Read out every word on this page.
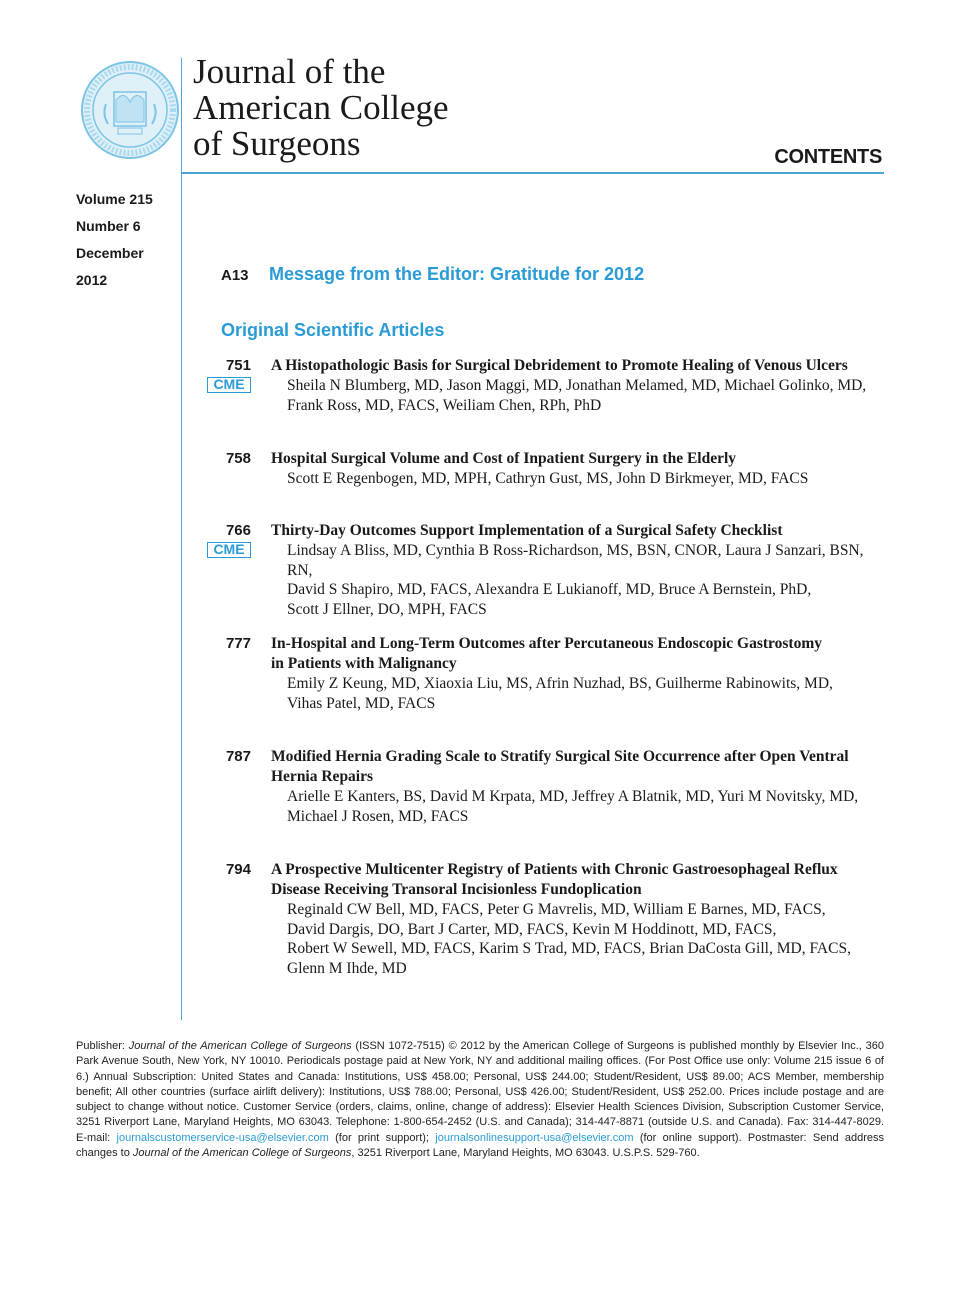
Journal of the
American College
of Surgeons	CONTENTS
Volume 215
Number 6
December
2012	A13 Message from the Editor: Gratitude for 2012
Original Scientific Articles
751
CME
A Histopathologic Basis for Surgical Debridement to Promote Healing of Venous Ulcers
Sheila N Blumberg, MD, Jason Maggi, MD, Jonathan Melamed, MD, Michael Golinko, MD,
Frank Ross, MD, FACS, Weiliam Chen, RPh, PhD
758 Hospital Surgical Volume and Cost of Inpatient Surgery in the Elderly
Scott E Regenbogen, MD, MPH, Cathryn Gust, MS, John D Birkmeyer, MD, FACS
766
CME
Thirty-Day Outcomes Support Implementation of a Surgical Safety Checklist
Lindsay A Bliss, MD, Cynthia B Ross-Richardson, MS, BSN, CNOR, Laura J Sanzari, BSN, RN,
David S Shapiro, MD, FACS, Alexandra E Lukianoff, MD, Bruce A Bernstein, PhD,
Scott J Ellner, DO, MPH, FACS
777 In-Hospital and Long-Term Outcomes after Percutaneous Endoscopic Gastrostomy
in Patients with Malignancy
Emily Z Keung, MD, Xiaoxia Liu, MS, Afrin Nuzhad, BS, Guilherme Rabinowits, MD,
Vihas Patel, MD, FACS
787 Modified Hernia Grading Scale to Stratify Surgical Site Occurrence after Open Ventral
Hernia Repairs
Arielle E Kanters, BS, David M Krpata, MD, Jeffrey A Blatnik, MD, Yuri M Novitsky, MD,
Michael J Rosen, MD, FACS
794 A Prospective Multicenter Registry of Patients with Chronic Gastroesophageal Reflux
Disease Receiving Transoral Incisionless Fundoplication
Reginald CW Bell, MD, FACS, Peter G Mavrelis, MD, William E Barnes, MD, FACS,
David Dargis, DO, Bart J Carter, MD, FACS, Kevin M Hoddinott, MD, FACS,
Robert W Sewell, MD, FACS, Karim S Trad, MD, FACS, Brian DaCosta Gill, MD, FACS,
Glenn M Ihde, MD
Publisher: Journal of the American College of Surgeons (ISSN 1072-7515) © 2012 by the American College of Surgeons is published monthly by Elsevier Inc., 360 Park Avenue South, New York, NY 10010. Periodicals postage paid at New York, NY and additional mailing offices. (For Post Office use only: Volume 215 issue 6 of 6.) Annual Subscription: United States and Canada: Institutions, US$ 458.00; Personal, US$ 244.00; Student/Resident, US$ 89.00; ACS Member, membership benefit; All other countries (surface airlift delivery): Institutions, US$ 788.00; Personal, US$ 426.00; Student/Resident, US$ 252.00. Prices include postage and are subject to change without notice. Customer Service (orders, claims, online, change of address): Elsevier Health Sciences Division, Subscription Customer Service, 3251 Riverport Lane, Maryland Heights, MO 63043. Telephone: 1-800-654-2452 (U.S. and Canada); 314-447-8871 (outside U.S. and Canada). Fax: 314-447-8029. E-mail: journalscustomerservice-usa@elsevier.com (for print support); journalsonlinesupport-usa@elsevier.com (for online support). Postmaster: Send address changes to Journal of the American College of Surgeons, 3251 Riverport Lane, Maryland Heights, MO 63043. U.S.P.S. 529-760.
